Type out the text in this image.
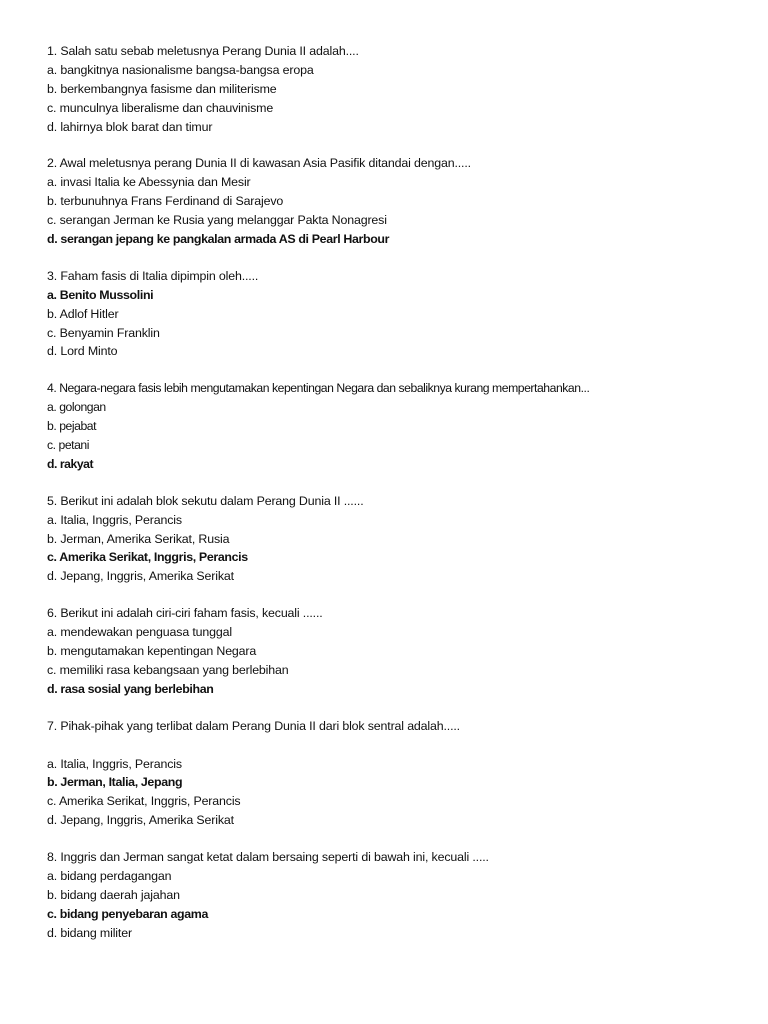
1. Salah satu sebab meletusnya Perang Dunia II adalah....
a. bangkitnya nasionalisme bangsa-bangsa eropa
b. berkembangnya fasisme dan militerisme
c. munculnya liberalisme dan chauvinisme
d. lahirnya blok barat dan timur
2. Awal meletusnya perang Dunia II di kawasan Asia Pasifik ditandai dengan.....
a. invasi Italia ke Abessynia dan Mesir
b. terbunuhnya Frans Ferdinand di Sarajevo
c. serangan Jerman ke Rusia yang melanggar Pakta Nonagresi
d. serangan jepang ke pangkalan armada AS di Pearl Harbour
3. Faham fasis di Italia dipimpin oleh.....
a. Benito Mussolini
b. Adlof Hitler
c. Benyamin Franklin
d. Lord Minto
4. Negara-negara fasis lebih mengutamakan kepentingan Negara dan sebaliknya kurang mempertahankan...
a. golongan
b. pejabat
c. petani
d. rakyat
5. Berikut ini adalah blok sekutu dalam Perang Dunia II ......
a. Italia, Inggris, Perancis
b. Jerman, Amerika Serikat, Rusia
c. Amerika Serikat, Inggris, Perancis
d. Jepang, Inggris, Amerika Serikat
6. Berikut ini adalah ciri-ciri faham fasis, kecuali ......
a. mendewakan penguasa tunggal
b. mengutamakan kepentingan Negara
c. memiliki rasa kebangsaan yang berlebihan
d. rasa sosial yang berlebihan
7. Pihak-pihak yang terlibat dalam Perang Dunia II dari blok sentral adalah.....
a. Italia, Inggris, Perancis
b. Jerman, Italia, Jepang
c. Amerika Serikat, Inggris, Perancis
d. Jepang, Inggris, Amerika Serikat
8. Inggris dan Jerman sangat ketat dalam bersaing seperti di bawah ini, kecuali .....
a. bidang perdagangan
b. bidang daerah jajahan
c. bidang penyebaran agama
d. bidang militer
